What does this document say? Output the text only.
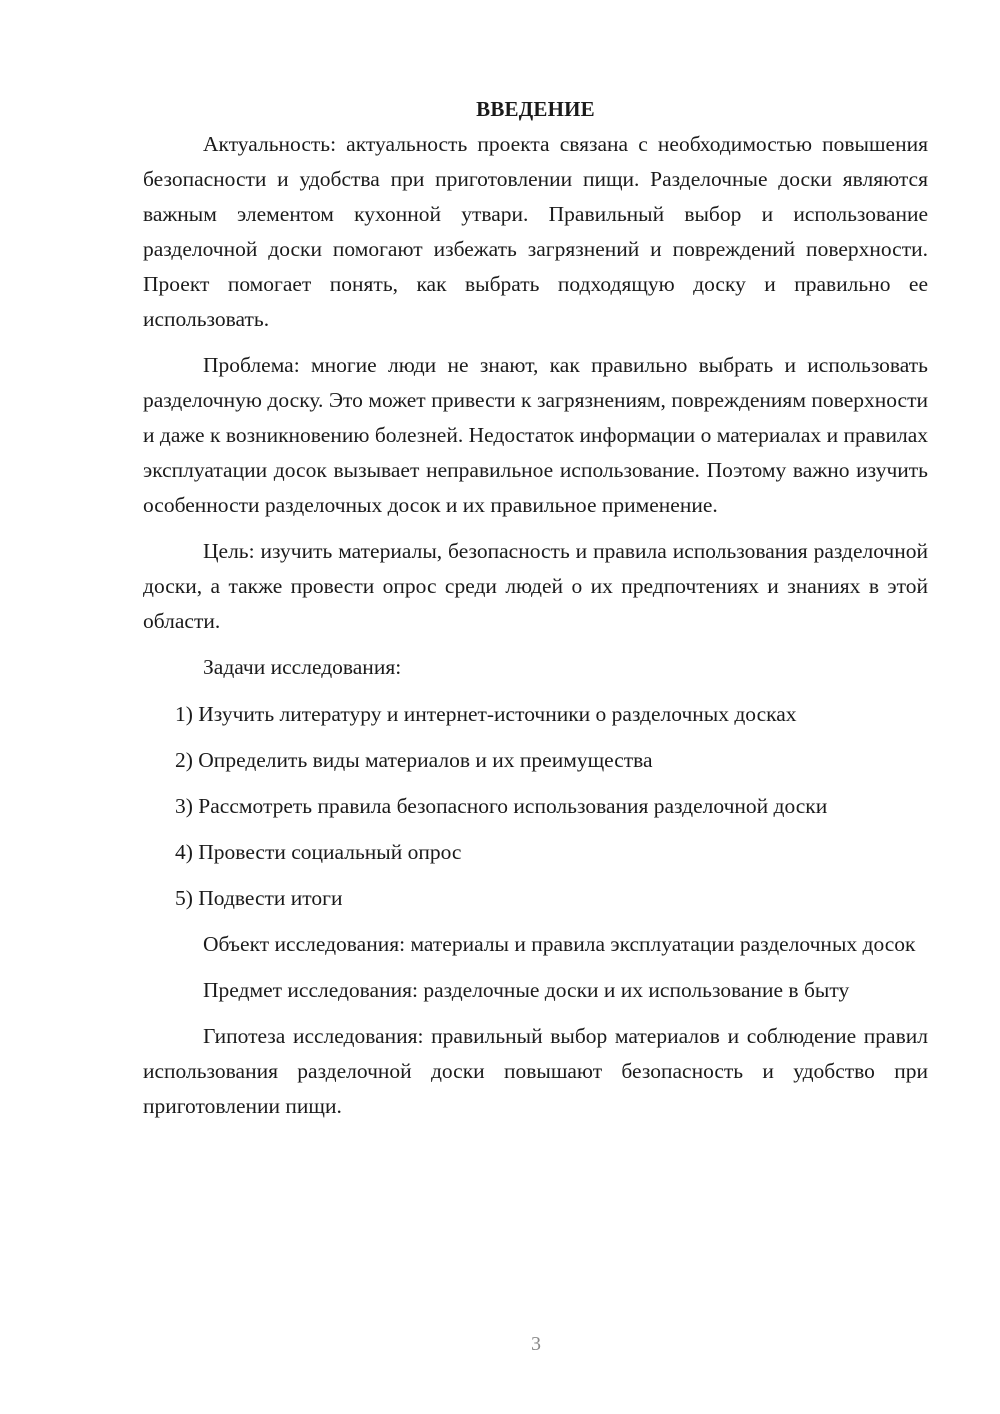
ВВЕДЕНИЕ

Актуальность: актуальность проекта связана с необходимостью повышения безопасности и удобства при приготовлении пищи. Разделочные доски являются важным элементом кухонной утвари. Правильный выбор и использование разделочной доски помогают избежать загрязнений и повреждений поверхности. Проект помогает понять, как выбрать подходящую доску и правильно ее использовать.

Проблема: многие люди не знают, как правильно выбрать и использовать разделочную доску. Это может привести к загрязнениям, повреждениям поверхности и даже к возникновению болезней. Недостаток информации о материалах и правилах эксплуатации досок вызывает неправильное использование. Поэтому важно изучить особенности разделочных досок и их правильное применение.

Цель: изучить материалы, безопасность и правила использования разделочной доски, а также провести опрос среди людей о их предпочтениях и знаниях в этой области.

Задачи исследования:

1) Изучить литературу и интернет-источники о разделочных досках

2) Определить виды материалов и их преимущества

3) Рассмотреть правила безопасного использования разделочной доски

4) Провести социальный опрос

5) Подвести итоги

Объект исследования: материалы и правила эксплуатации разделочных досок

Предмет исследования: разделочные доски и их использование в быту

Гипотеза исследования: правильный выбор материалов и соблюдение правил использования разделочной доски повышают безопасность и удобство при приготовлении пищи.

3
